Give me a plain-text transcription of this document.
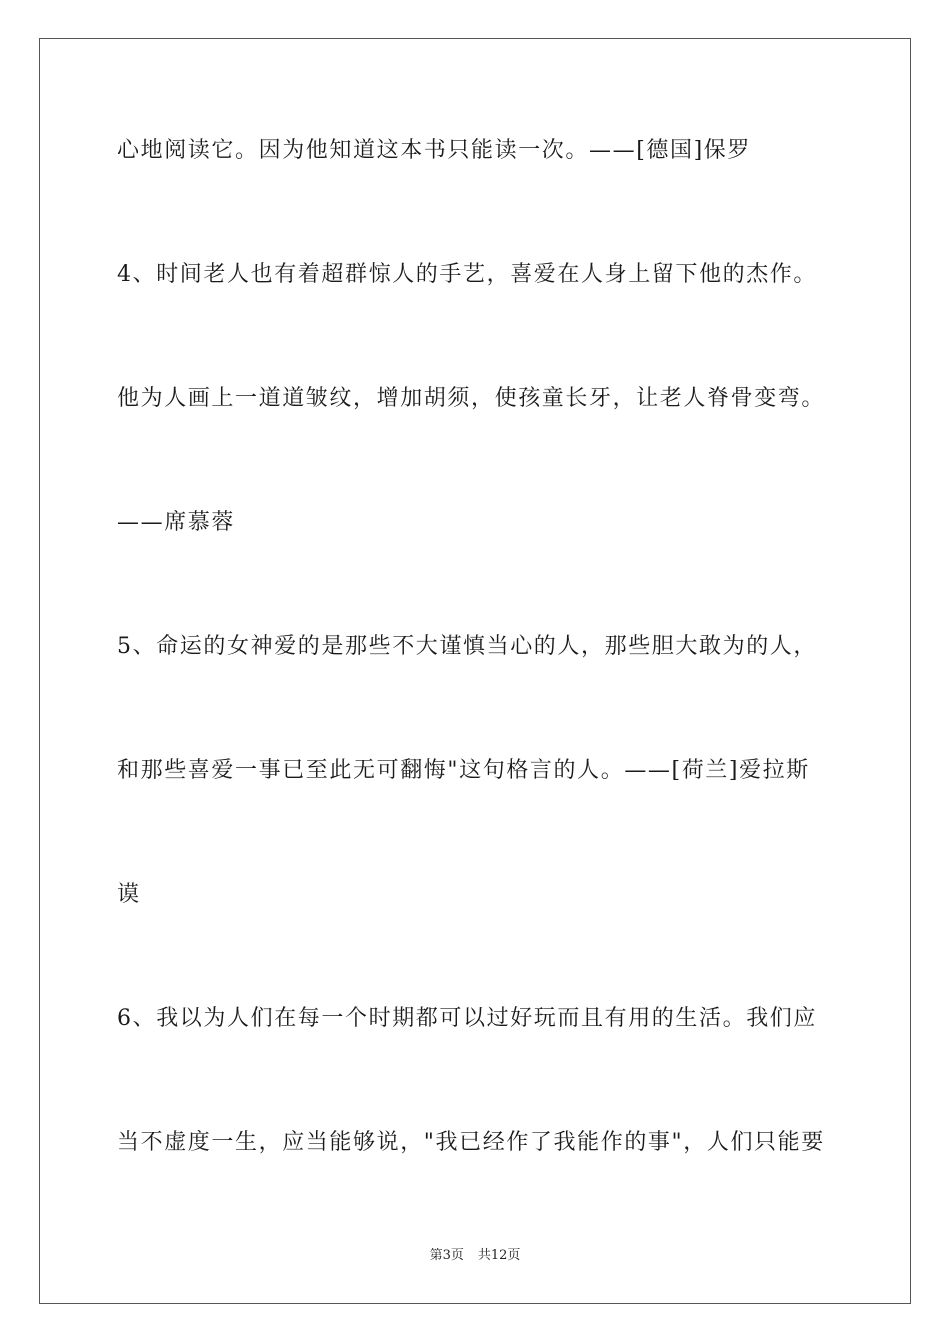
心地阅读它。因为他知道这本书只能读一次。——[德国]保罗
4、时间老人也有着超群惊人的手艺，喜爱在人身上留下他的杰作。
他为人画上一道道皱纹，增加胡须，使孩童长牙，让老人脊骨变弯。
——席慕蓉
5、命运的女神爱的是那些不大谨慎当心的人，那些胆大敢为的人，
和那些喜爱一事已至此无可翻悔"这句格言的人。——[荷兰]爱拉斯
谟
6、我以为人们在每一个时期都可以过好玩而且有用的生活。我们应
当不虚度一生，应当能够说，"我已经作了我能作的事"，人们只能要
第3页 共12页
